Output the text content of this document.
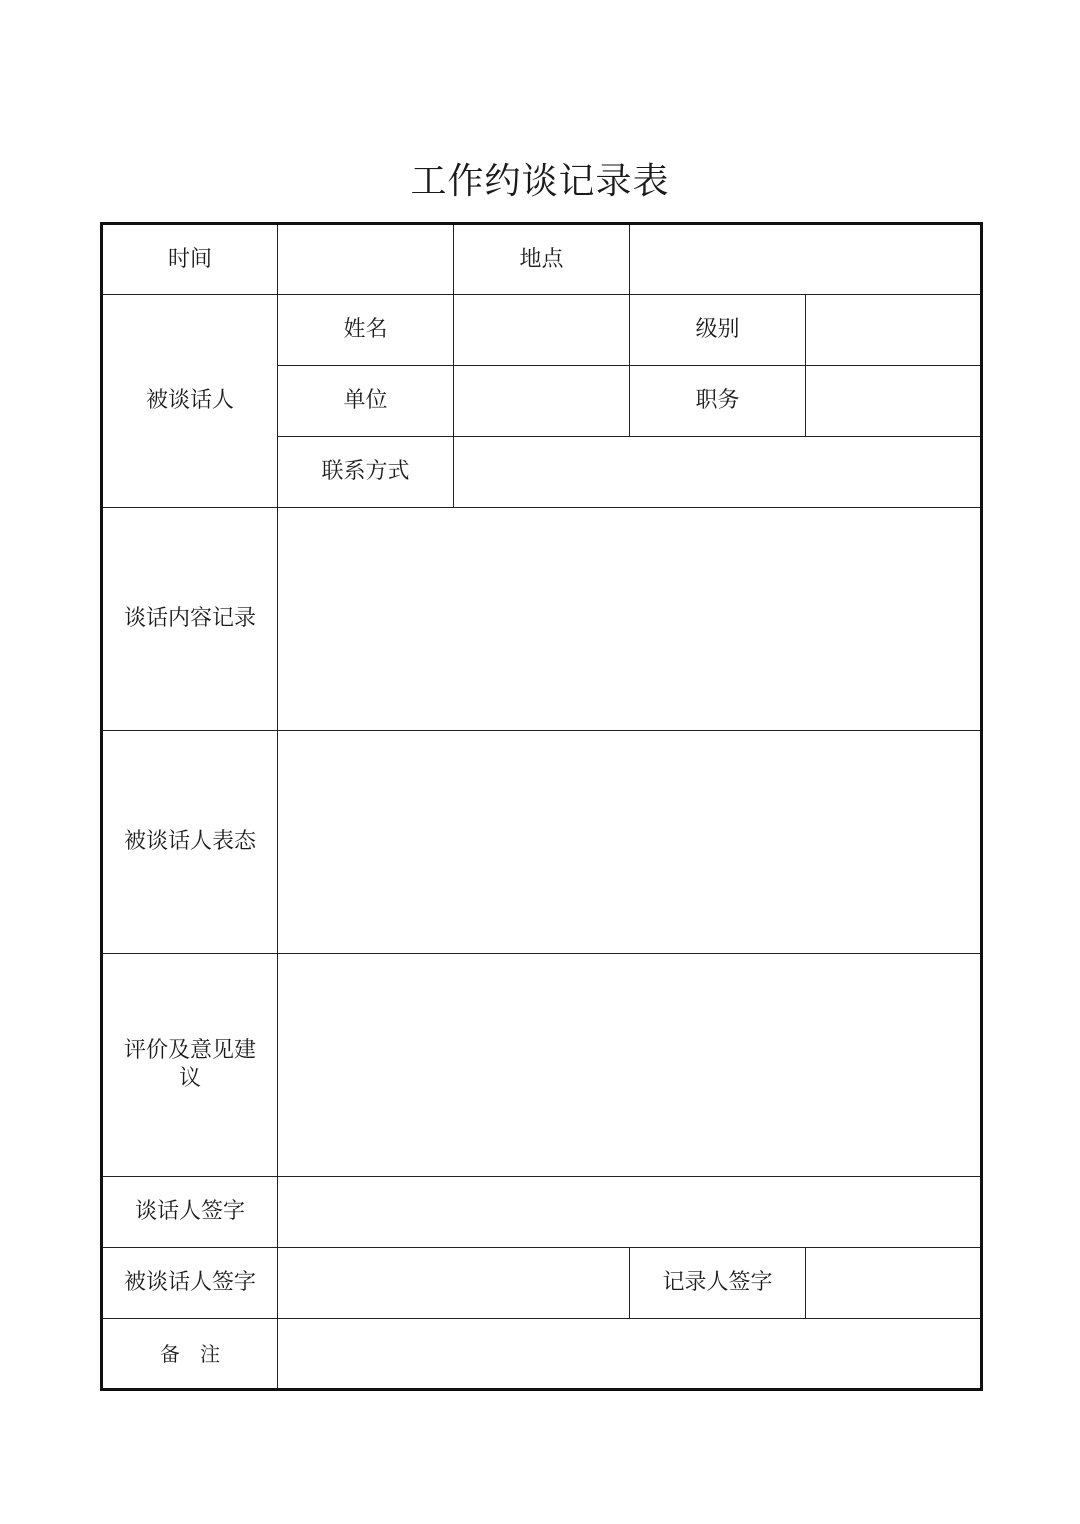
工作约谈记录表
时间		地点		
被谈话人	姓名		级别	
	单位		职务	
	联系方式			
谈话内容记录				
被谈话人表态				

评价及意见建
议				

谈话人签字				
被谈话人签字			记录人签字	
备　注				
